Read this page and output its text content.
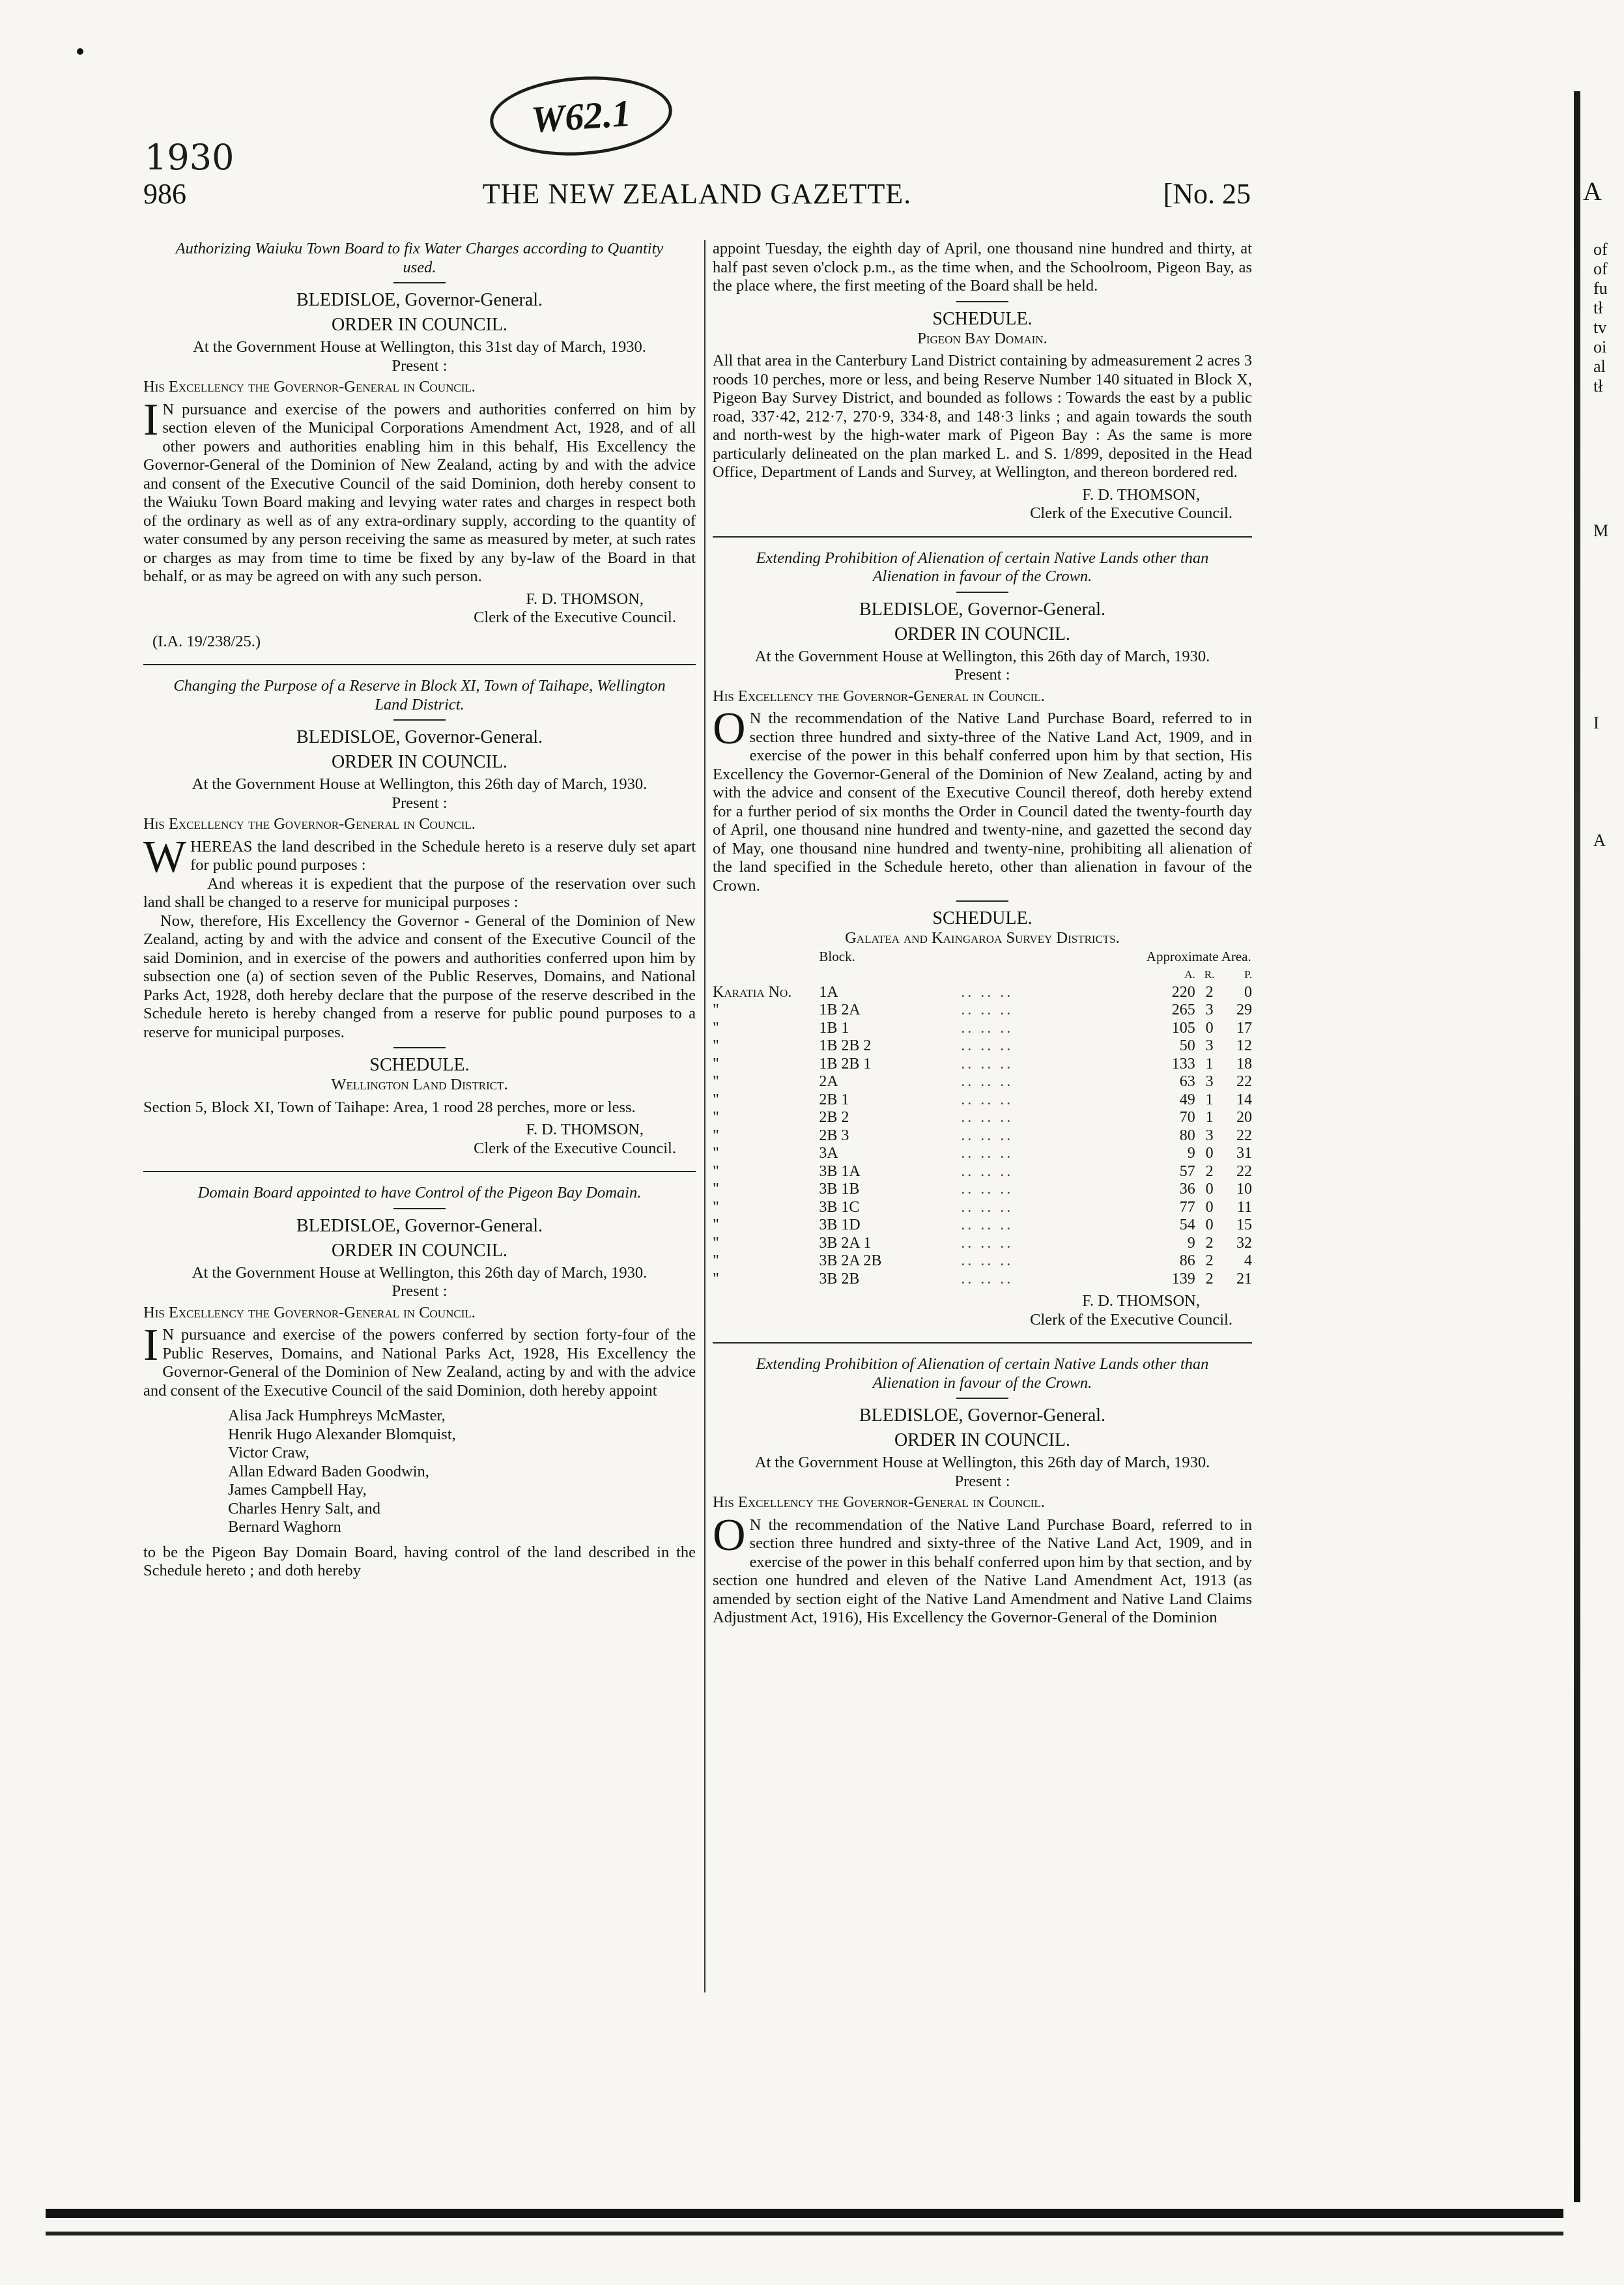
1930
W62.1
986	THE NEW ZEALAND GAZETTE.	[No. 25
Authorizing Waiuku Town Board to fix Water Charges according to Quantity used.
BLEDISLOE, Governor-General.
ORDER IN COUNCIL.
At the Government House at Wellington, this 31st day of March, 1930.
Present :
His Excellency the Governor-General in Council.

IN pursuance and exercise of the powers and authorities conferred on him by section eleven of the Municipal Corporations Amendment Act, 1928, and of all other powers and authorities enabling him in this behalf, His Excellency the Governor-General of the Dominion of New Zealand, acting by and with the advice and consent of the Executive Council of the said Dominion, doth hereby consent to the Waiuku Town Board making and levying water rates and charges in respect both of the ordinary as well as of any extra-ordinary supply, according to the quantity of water consumed by any person receiving the same as measured by meter, at such rates or charges as may from time to time be fixed by any by-law of the Board in that behalf, or as may be agreed on with any such person.

F. D. THOMSON,
Clerk of the Executive Council.
(I.A. 19/238/25.)
Changing the Purpose of a Reserve in Block XI, Town of Taihape, Wellington Land District.
BLEDISLOE, Governor-General.
ORDER IN COUNCIL.
At the Government House at Wellington, this 26th day of March, 1930.
Present :
His Excellency the Governor-General in Council.

WHEREAS the land described in the Schedule hereto is a reserve duly set apart for public pound purposes :

And whereas it is expedient that the purpose of the reservation over such land shall be changed to a reserve for municipal purposes :

Now, therefore, His Excellency the Governor - General of the Dominion of New Zealand, acting by and with the advice and consent of the Executive Council of the said Dominion, and in exercise of the powers and authorities conferred upon him by subsection one (a) of section seven of the Public Reserves, Domains, and National Parks Act, 1928, doth hereby declare that the purpose of the reserve described in the Schedule hereto is hereby changed from a reserve for public pound purposes to a reserve for municipal purposes.

SCHEDULE.
Wellington Land District.

Section 5, Block XI, Town of Taihape: Area, 1 rood 28 perches, more or less.

F. D. THOMSON,
Clerk of the Executive Council.
Domain Board appointed to have Control of the Pigeon Bay Domain.
BLEDISLOE, Governor-General.
ORDER IN COUNCIL.
At the Government House at Wellington, this 26th day of March, 1930.
Present :
His Excellency the Governor-General in Council.

IN pursuance and exercise of the powers conferred by section forty-four of the Public Reserves, Domains, and National Parks Act, 1928, His Excellency the Governor-General of the Dominion of New Zealand, acting by and with the advice and consent of the Executive Council of the said Dominion, doth hereby appoint

Alisa Jack Humphreys McMaster,
Henrik Hugo Alexander Blomquist,
Victor Craw,
Allan Edward Baden Goodwin,
James Campbell Hay,
Charles Henry Salt, and
Bernard Waghorn

to be the Pigeon Bay Domain Board, having control of the land described in the Schedule hereto ; and doth hereby

appoint Tuesday, the eighth day of April, one thousand nine hundred and thirty, at half past seven o'clock p.m., as the time when, and the Schoolroom, Pigeon Bay, as the place where, the first meeting of the Board shall be held.

SCHEDULE.
Pigeon Bay Domain.

All that area in the Canterbury Land District containing by admeasurement 2 acres 3 roods 10 perches, more or less, and being Reserve Number 140 situated in Block X, Pigeon Bay Survey District, and bounded as follows : Towards the east by a public road, 337·42, 212·7, 270·9, 334·8, and 148·3 links ; and again towards the south and north-west by the high-water mark of Pigeon Bay : As the same is more particularly delineated on the plan marked L. and S. 1/899, deposited in the Head Office, Department of Lands and Survey, at Wellington, and thereon bordered red.

F. D. THOMSON,
Clerk of the Executive Council.
Extending Prohibition of Alienation of certain Native Lands other than Alienation in favour of the Crown.
BLEDISLOE, Governor-General.
ORDER IN COUNCIL.
At the Government House at Wellington, this 26th day of March, 1930.
Present :
His Excellency the Governor-General in Council.

ON the recommendation of the Native Land Purchase Board, referred to in section three hundred and sixty-three of the Native Land Act, 1909, and in exercise of the power in this behalf conferred upon him by that section, His Excellency the Governor-General of the Dominion of New Zealand, acting by and with the advice and consent of the Executive Council thereof, doth hereby extend for a further period of six months the Order in Council dated the twenty-fourth day of April, one thousand nine hundred and twenty-nine, and gazetted the second day of May, one thousand nine hundred and twenty-nine, prohibiting all alienation of the land specified in the Schedule hereto, other than alienation in favour of the Crown.

SCHEDULE.
Galatea and Kaingaroa Survey Districts.
	Block.		Approximate Area.		
			A.	R.	P.
Karatia No.	1A	.. .. ..	220	2	0
"	1B 2A	.. .. ..	265	3	29
"	1B 1	.. .. ..	105	0	17
"	1B 2B 2	.. .. ..	50	3	12
"	1B 2B 1	.. .. ..	133	1	18
"	2A	.. .. ..	63	3	22
"	2B 1	.. .. ..	49	1	14
"	2B 2	.. .. ..	70	1	20
"	2B 3	.. .. ..	80	3	22
"	3A	.. .. ..	9	0	31
"	3B 1A	.. .. ..	57	2	22
"	3B 1B	.. .. ..	36	0	10
"	3B 1C	.. .. ..	77	0	11
"	3B 1D	.. .. ..	54	0	15
"	3B 2A 1	.. .. ..	9	2	32
"	3B 2A 2B	.. .. ..	86	2	4
"	3B 2B	.. .. ..	139	2	21
F. D. THOMSON,
Clerk of the Executive Council.
Extending Prohibition of Alienation of certain Native Lands other than Alienation in favour of the Crown.
BLEDISLOE, Governor-General.
ORDER IN COUNCIL.
At the Government House at Wellington, this 26th day of March, 1930.
Present :
His Excellency the Governor-General in Council.

ON the recommendation of the Native Land Purchase Board, referred to in section three hundred and sixty-three of the Native Land Act, 1909, and in exercise of the power in this behalf conferred upon him by that section, and by section one hundred and eleven of the Native Land Amendment Act, 1913 (as amended by section eight of the Native Land Amendment and Native Land Claims Adjustment Act, 1916), His Excellency the Governor-General of the Dominion

A
of
of
fu
tł
tv
oi
al
tł
M
I
A
